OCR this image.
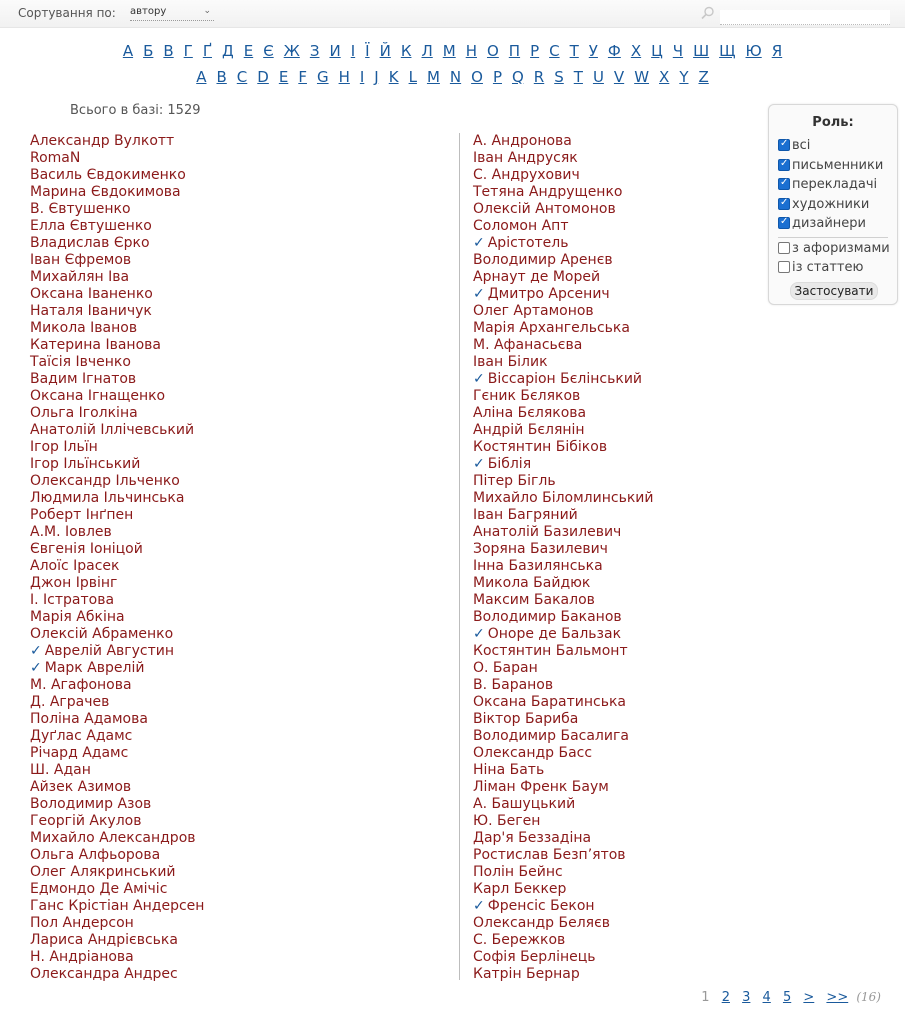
Сортування по: автору	⌄
А Б В Г Ґ Д Е Є Ж З И І Ї Й К Л М Н О П Р С Т У Ф Х Ц Ч Ш Щ Ю Я
A B C D E F G H I J K L M N O P Q R S T U V W X Y Z
Всього в базі: 1529
Александр Вулкотт
RomaN
Василь Євдокименко
Марина Євдокимова
В. Євтушенко
Елла Євтушенко
Владислав Єрко
Іван Єфремов
Михайлян Іва
Оксана Іваненко
Наталя Іваничук
Микола Іванов
Катерина Іванова
Таїсія Івченко
Вадим Ігнатов
Оксана Ігнащенко
Ольга Іголкіна
Анатолій Іллічевський
Ігор Ільїн
Ігор Ільїнський
Олександр Ільченко
Людмила Ільчинська
Роберт Інґпен
А.М. Іовлев
Євгенія Іоніцой
Алоїс Ірасек
Джон Ірвінг
І. Істратова
Марія Абкіна
Олексій Абраменко
✓ Аврелій Августин
✓ Марк Аврелій
М. Агафонова
Д. Аграчев
Поліна Адамова
Дуґлас Адамс
Річард Адамс
Ш. Адан
Айзек Азимов
Володимир Азов
Георгій Акулов
Михайло Александров
Ольга Алфьорова
Олег Алякринський
Едмондо Де Амічіс
Ганс Крістіан Андерсен
Пол Андерсон
Лариса Андрієвська
Н. Андріанова
Олександра Андрес
А. Андронова
Іван Андрусяк
С. Андрухович
Тетяна Андрущенко
Олексій Антомонов
Соломон Апт
✓ Арістотель
Володимир Аренєв
Арнаут де Морей
✓ Дмитро Арсенич
Олег Артамонов
Марія Архангельська
М. Афанасьєва
Іван Білик
✓ Віссаріон Бєлінський
Гєник Бєляков
Аліна Бєлякова
Андрій Бєлянін
Костянтин Бібіков
✓ Біблія
Пітер Бігль
Михайло Біломлинський
Іван Багряний
Анатолій Базилевич
Зоряна Базилевич
Інна Базилянська
Микола Байдюк
Максим Бакалов
Володимир Баканов
✓ Оноре де Бальзак
Костянтин Бальмонт
О. Баран
В. Баранов
Оксана Баратинська
Віктор Бариба
Володимир Басалига
Олександр Басс
Ніна Бать
Ліман Френк Баум
А. Башуцький
Ю. Беген
Дар'я Беззадіна
Ростислав Безп’ятов
Полін Бейнс
Карл Беккер
✓ Френсіс Бекон
Олександр Беляєв
С. Бережков
Софія Берлінець
Катрін Бернар
Роль:
✓всі
✓письменники
✓перекладачі
✓художники
✓дизайнери
з афоризмами
із статтею
Застосувати
1 2 3 4 5 > >> (16)
